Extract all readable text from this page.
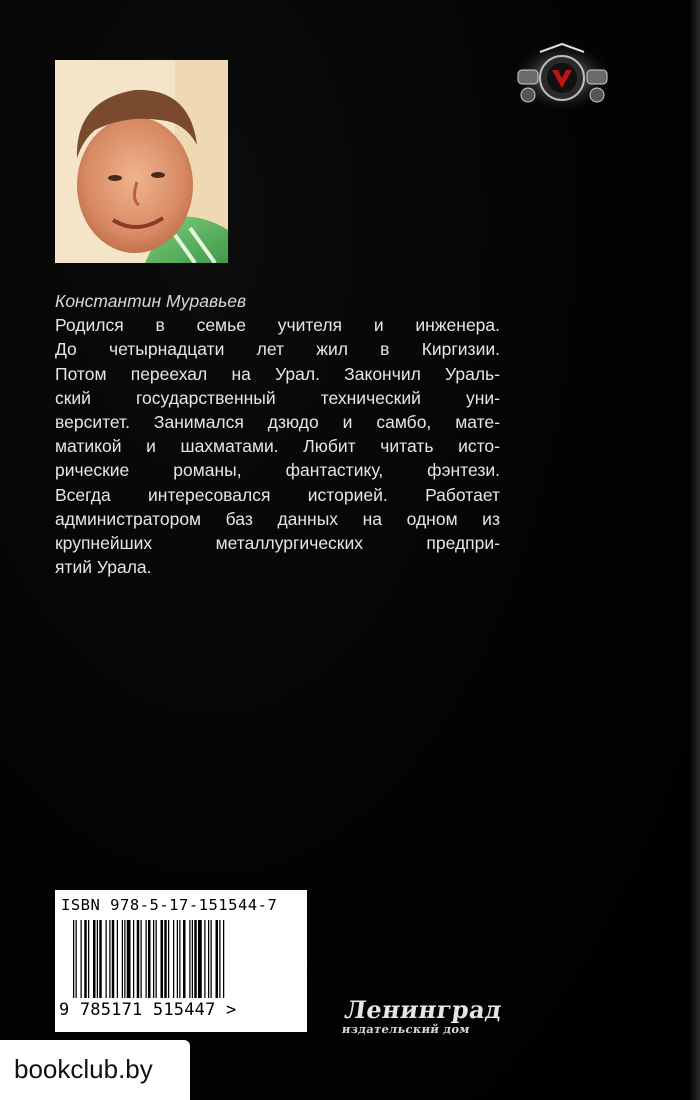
Константин Муравьев
Родился в семье учителя и инженера.
До четырнадцати лет жил в Киргизии.
Потом переехал на Урал. Закончил Ураль-
ский государственный технический уни-
верситет. Занимался дзюдо и самбо, мате-
матикой и шахматами. Любит читать исто-
рические романы, фантастику, фэнтези.
Всегда интересовался историей. Работает
администратором баз данных на одном из
крупнейших металлургических предпри-
ятий Урала.
ISBN 978-5-17-151544-7
9 785171 515447 >	Ленинград
издательский дом
bookclub.by
